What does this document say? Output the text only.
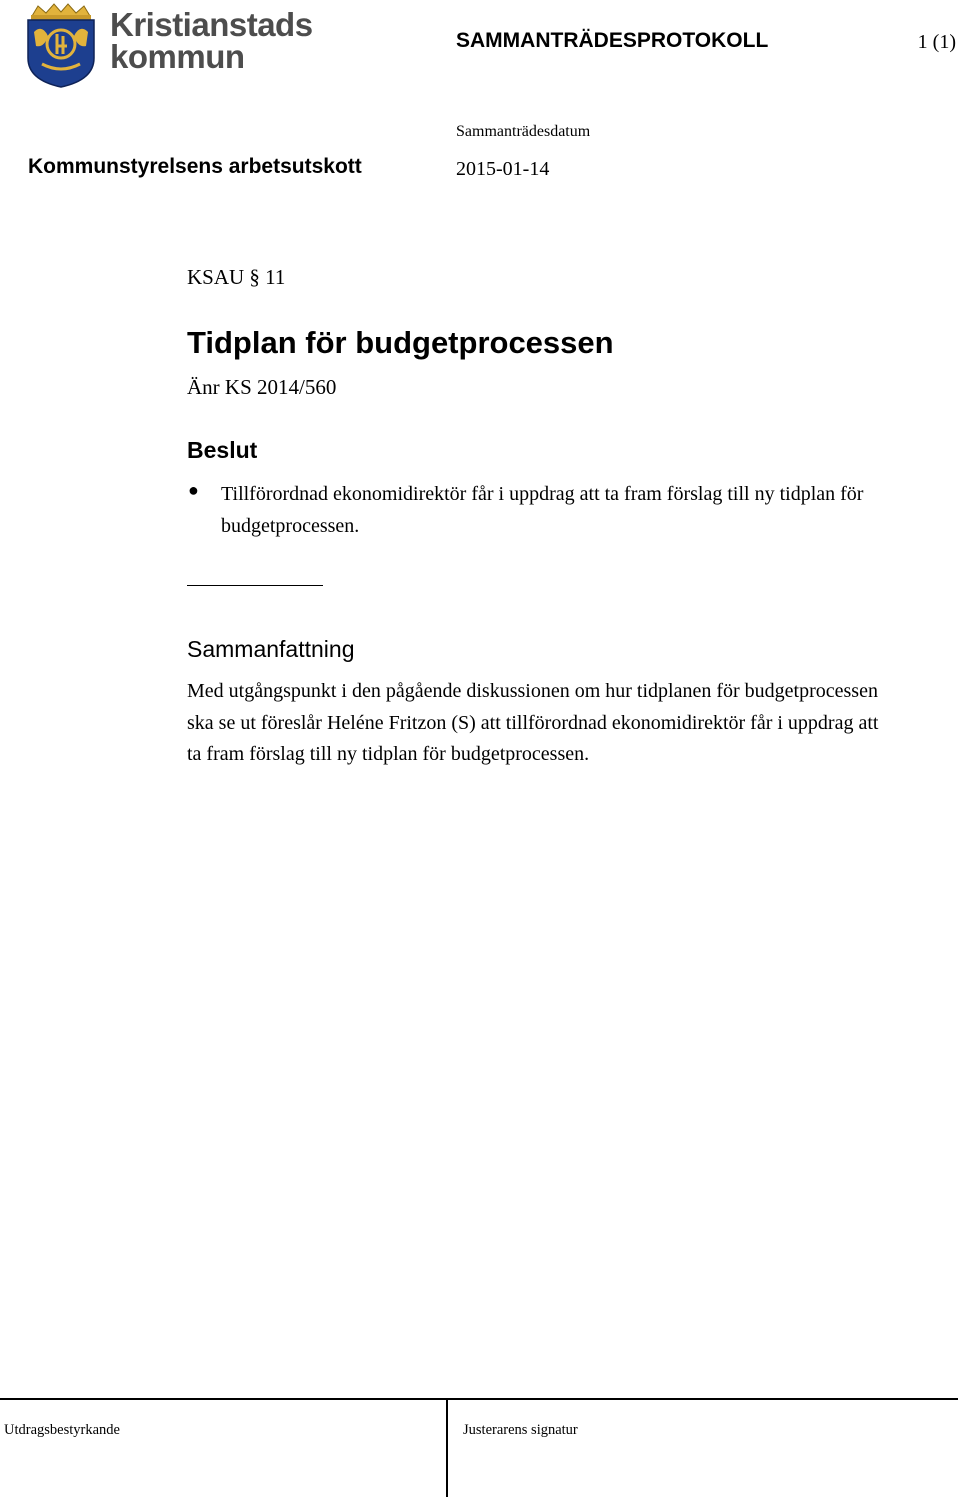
Kristianstads
kommun	SAMMANTRÄDESPROTOKOLL	1 (1)
Sammanträdesdatum
Kommunstyrelsens arbetsutskott	2015-01-14
KSAU § 11
Tidplan för budgetprocessen
Änr KS 2014/560
Beslut
● Tillförordnad ekonomidirektör får i uppdrag att ta fram förslag till ny tidplan för budgetprocessen.
Sammanfattning
Med utgångspunkt i den pågående diskussionen om hur tidplanen för budgetprocessen ska se ut föreslår Heléne Fritzon (S) att tillförordnad ekonomidirektör får i uppdrag att ta fram förslag till ny tidplan för budgetprocessen.
Utdragsbestyrkande	Justerarens signatur
